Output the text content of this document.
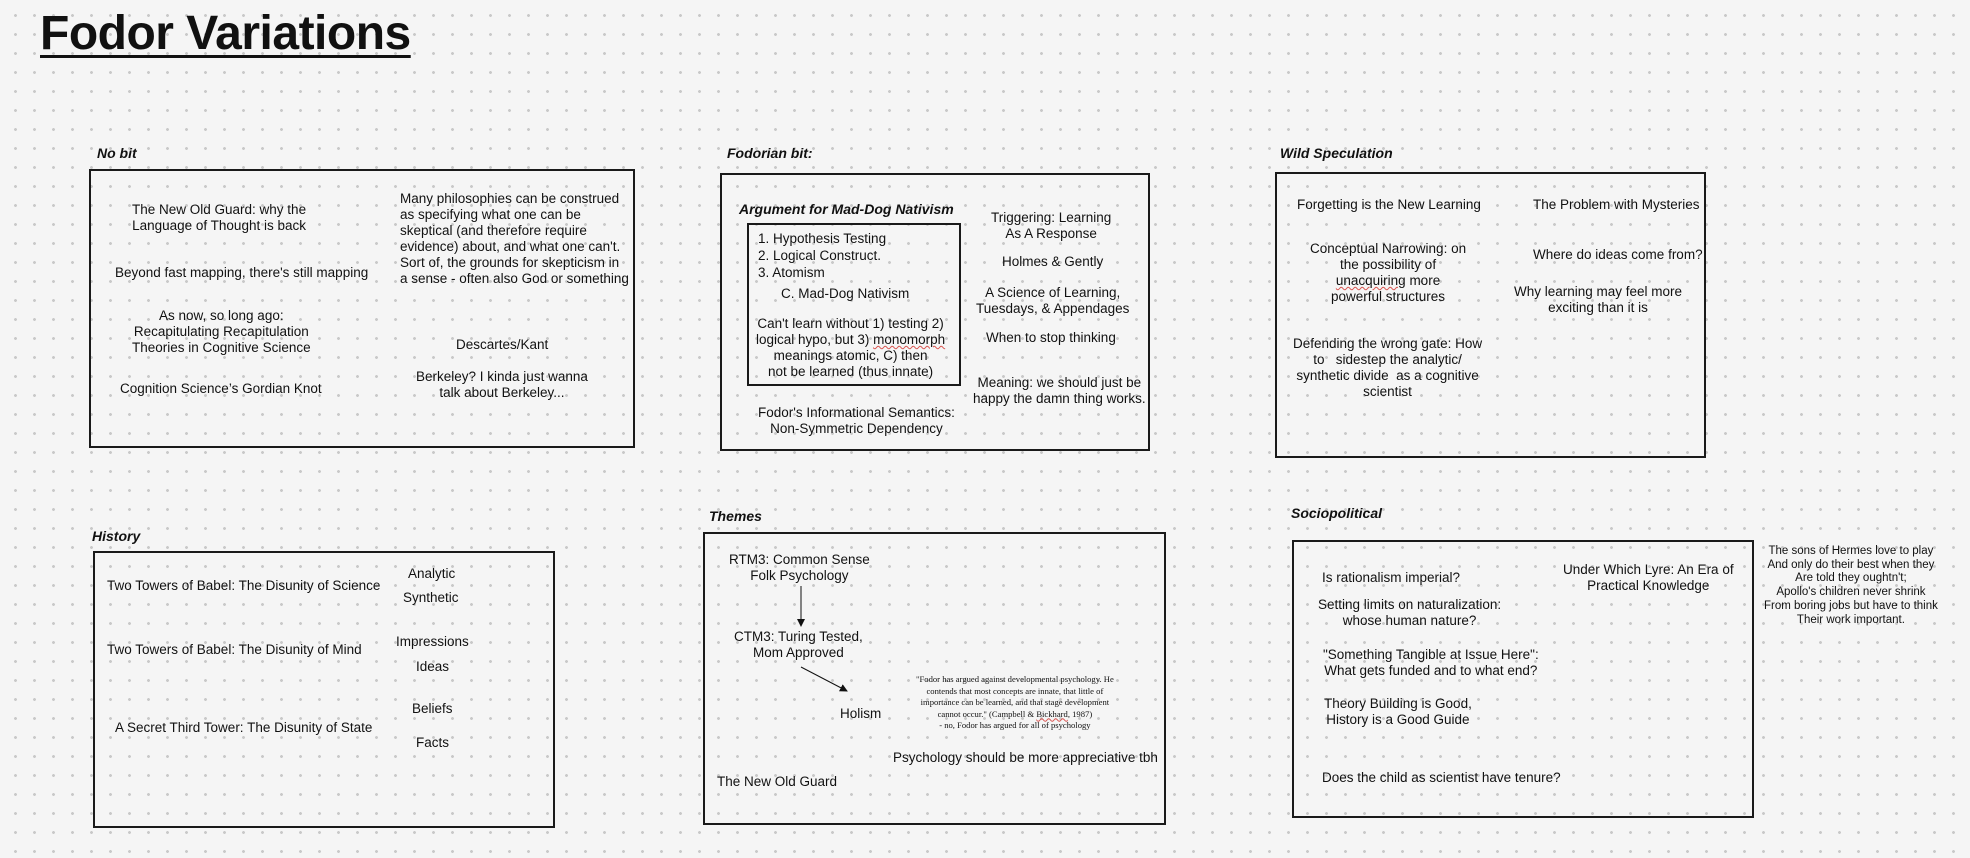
Fodor Variations
No bit
The New Old Guard: why the
Language of Thought is back
Beyond fast mapping, there's still mapping
As now, so long ago:
Recapitulating Recapitulation
Theories in Cognitive Science
Cognition Science’s Gordian Knot
Many philosophies can be construed
as specifying what one can be
skeptical (and therefore require
evidence) about, and what one can't.
Sort of, the grounds for skepticism in
a sense - often also God or something
Descartes/Kant
Berkeley? I kinda just wanna
talk about Berkeley...
Fodorian bit:
Argument for Mad-Dog Nativism
1. Hypothesis Testing
2. Logical Construct.
3. Atomism
C. Mad-Dog Nativism
Can't learn without 1) testing 2)
logical hypo, but 3) monomorph
meanings atomic, C) then
not be learned (thus innate)
Fodor's Informational Semantics:
Non-Symmetric Dependency
Triggering: Learning
As A Response
Holmes & Gently
A Science of Learning,
Tuesdays, & Appendages
When to stop thinking
Meaning: we should just be
happy the damn thing works.
Wild Speculation
Forgetting is the New Learning
Conceptual Narrowing: on
the possibility of
unacquiring more
powerful structures
Defending the wrong gate: How
to   sidestep the analytic/
synthetic divide  as a cognitive
scientist
The Problem with Mysteries
Where do ideas come from?
Why learning may feel more
exciting than it is
History
Two Towers of Babel: The Disunity of Science
Two Towers of Babel: The Disunity of Mind
A Secret Third Tower: The Disunity of State
Analytic
Synthetic
Impressions
Ideas
Beliefs
Facts
Themes
RTM3: Common Sense
Folk Psychology
CTM3: Turing Tested,
Mom Approved
Holism
"Fodor has argued against developmental psychology. He
contends that most concepts are innate, that little of
importance can be learned, and that stage development
cannot occur." (Campbell & Bickhard, 1987)
- no, Fodor has argued for all of psychology
Psychology should be more appreciative tbh
The New Old Guard
Sociopolitical
Is rationalism imperial?
Setting limits on naturalization:
whose human nature?
"Something Tangible at Issue Here":
What gets funded and to what end?
Theory Building is Good,
History is a Good Guide
Does the child as scientist have tenure?
Under Which Lyre: An Era of
Practical Knowledge
The sons of Hermes love to play
And only do their best when they
Are told they oughtn't;
Apollo's children never shrink
From boring jobs but have to think
Their work important.
